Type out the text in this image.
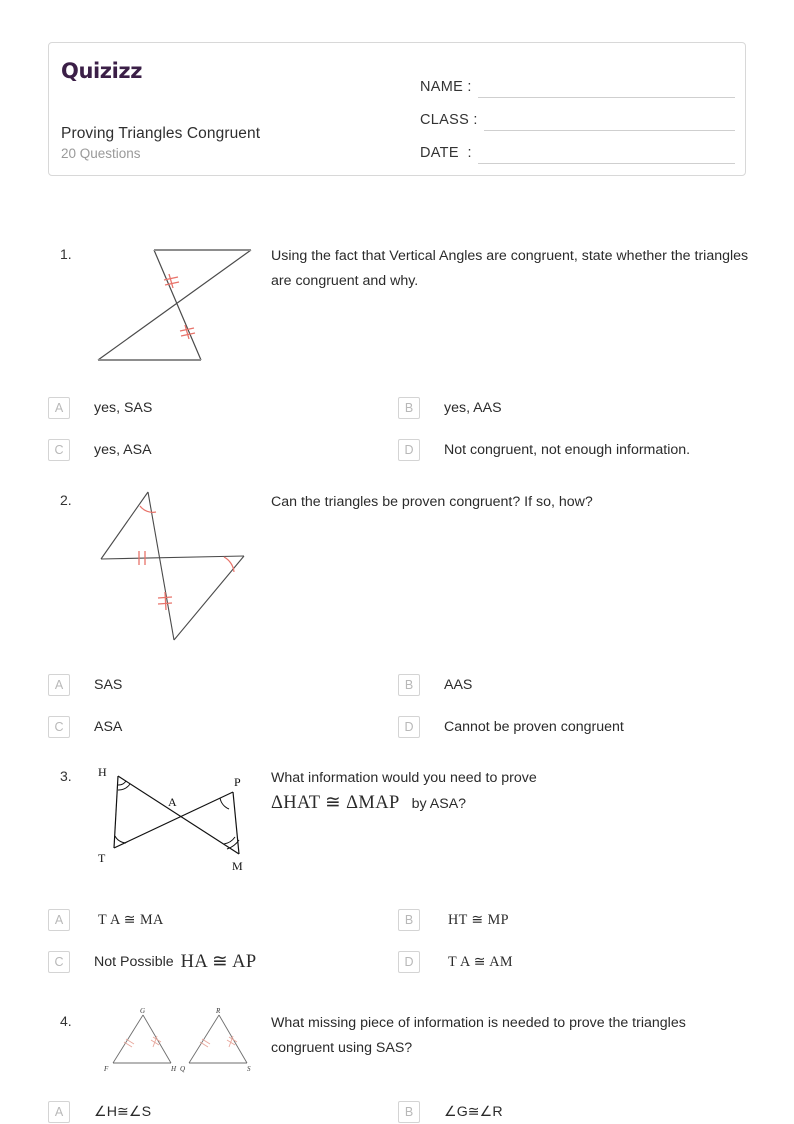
Quizizz
Proving Triangles Congruent
20 Questions
NAME :
CLASS :
DATE  :
1.	Using the fact that Vertical Angles are congruent, state whether the triangles are congruent and why.
A	yes, SAS	B	yes, AAS
C	yes, ASA	D	Not congruent, not enough information.
2.	Can the triangles be proven congruent? If so, how?
A	SAS	B	AAS
C	ASA	D	Cannot be proven congruent
3. H
P
A
T
M
What information would you need to prove
ΔHAT ≅ ΔMAP by ASA?
A	T A ≅ MA	B	HT ≅ MP
C	Not Possible HA ≅ AP	D	T A ≅ AM
4.
G
F	H
R
Q	S
What missing piece of information is needed to prove the triangles congruent using SAS?
A	∠H≅∠S	B	∠G≅∠R
